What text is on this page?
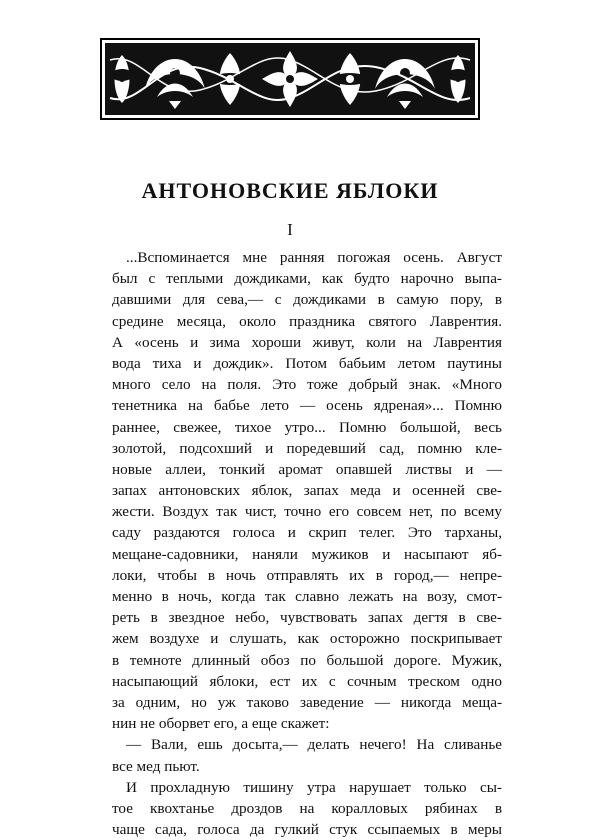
АНТОНОВСКИЕ ЯБЛОКИ
I
...Вспоминается мне ранняя погожая осень. Август
был с теплыми дождиками, как будто нарочно выпа-
давшими для сева,— с дождиками в самую пору, в
средине месяца, около праздника святого Лаврентия.
А «осень и зима хороши живут, коли на Лаврентия
вода тиха и дождик». Потом бабьим летом паутины
много село на поля. Это тоже добрый знак. «Много
тенетника на бабье лето — осень ядреная»... Помню
раннее, свежее, тихое утро... Помню большой, весь
золотой, подсохший и поредевший сад, помню кле-
новые аллеи, тонкий аромат опавшей листвы и —
запах антоновских яблок, запах меда и осенней све-
жести. Воздух так чист, точно его совсем нет, по всему
саду раздаются голоса и скрип телег. Это тарханы,
мещане-садовники, наняли мужиков и насыпают яб-
локи, чтобы в ночь отправлять их в город,— непре-
менно в ночь, когда так славно лежать на возу, смот-
реть в звездное небо, чувствовать запах дегтя в све-
жем воздухе и слушать, как осторожно поскрипывает
в темноте длинный обоз по большой дороге. Мужик,
насыпающий яблоки, ест их с сочным треском одно
за одним, но уж таково заведение — никогда меща-
нин не оборвет его, а еще скажет:
— Вали, ешь досыта,— делать нечего! На сливанье
все мед пьют.
И прохладную тишину утра нарушает только сы-
тое квохтанье дроздов на коралловых рябинах в
чаще сада, голоса да гулкий стук ссыпаемых в меры
